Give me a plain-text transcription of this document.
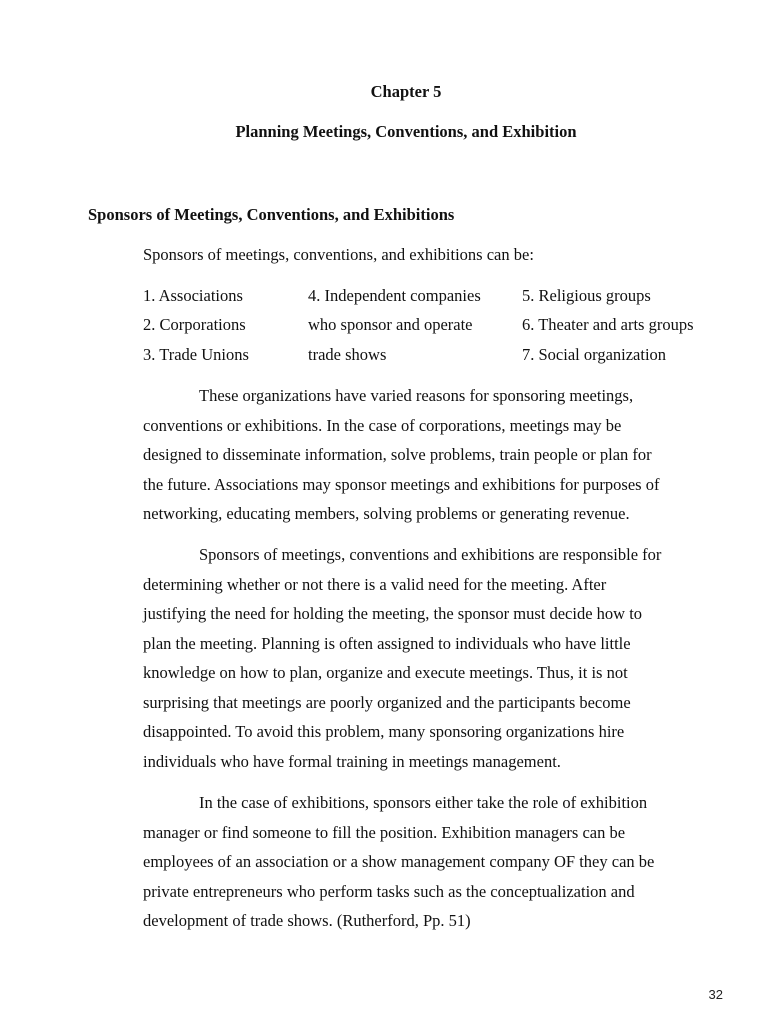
Chapter 5
Planning Meetings, Conventions, and Exhibition
Sponsors of Meetings, Conventions, and Exhibitions
Sponsors of meetings, conventions, and exhibitions can be:
1. Associations	4. Independent companies	5. Religious groups
2. Corporations	who sponsor and operate	6. Theater and arts groups
3. Trade Unions	trade shows	7. Social organization
These organizations have varied reasons for sponsoring meetings,
conventions or exhibitions. In the case of corporations, meetings may be
designed to disseminate information, solve problems, train people or plan for
the future. Associations may sponsor meetings and exhibitions for purposes of
networking, educating members, solving problems or generating revenue.
Sponsors of meetings, conventions and exhibitions are responsible for
determining whether or not there is a valid need for the meeting. After
justifying the need for holding the meeting, the sponsor must decide how to
plan the meeting. Planning is often assigned to individuals who have little
knowledge on how to plan, organize and execute meetings. Thus, it is not
surprising that meetings are poorly organized and the participants become
disappointed. To avoid this problem, many sponsoring organizations hire
individuals who have formal training in meetings management.
In the case of exhibitions, sponsors either take the role of exhibition
manager or find someone to fill the position. Exhibition managers can be
employees of an association or a show management company OF they can be
private entrepreneurs who perform tasks such as the conceptualization and
development of trade shows. (Rutherford, Pp. 51)
32
